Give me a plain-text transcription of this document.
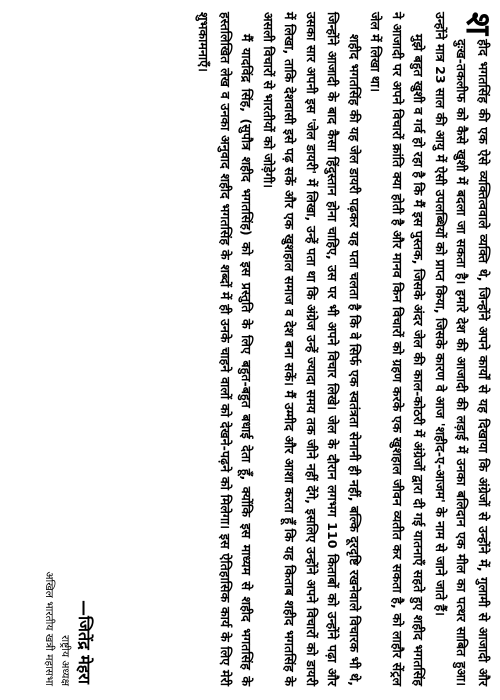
श
हीद भगतसिंह की एक ऐसे व्यक्तित्ववाले व्यक्ति थे, जिन्होंने अपने कार्यों से यह दिखाया कि अंग्रेजों से उन्होंने में, गुलामी से आजादी और दुःख-तकलीफ को कैसे खुशी में बदला जा सकता है। हमारे देश की आजादी की लड़ाई में उनका बलिदान एक मील का पत्थर साबित हुआ। उन्होंने मात्र 23 साल की आयु में ऐसी उपलब्धियों को प्राप्त किया, जिसके कारण वे आज 'शहीद-ए-आजम' के नाम से जाने जाते हैं।

मुझे बहुत खुशी व गर्व हो रहा है कि मैं इस पुस्तक, जिसके अंदर जेल की काल-कोठरी में अंग्रेजों द्वारा दी गई यातनाएँ सहते हुए शहीद भगतसिंह ने आजादी पर अपने विचारों क्रांति क्या होती है और मानव किन विचारों को ग्रहण करके एक खुशहाल जीवन व्यतीत कर सकता है, को लाहौर सेंट्रल जेल में लिखा था।

शहीद भगतसिंह की यह जेल डायरी पढ़कर यह पता चलता है कि वे सिर्फ एक स्वतंत्रता सेनानी ही नहीं, बल्कि दूरदृष्टि रखनेवाले विचारक भी थे, जिन्होंने आजादी के बाद कैसा हिंदुस्तान होना चाहिए, उस पर भी अपने विचार लिखे। जेल के दौरान लगभग 110 किताबों को उन्होंने पढ़ा और उसका सार अपनी इस 'जेल डायरी' में लिखा, उन्हें पता था कि अंग्रेज उन्हें ज्यादा समय तक जीने नहीं देंगे, इसलिए उन्होंने अपने विचारों को डायरी में लिखा, ताकि देशवासी इसे पढ़ सकें और एक खुशहाल समाज व देश बना सकें। मैं उम्मीद और आशा करता हूँ कि यह किताब शहीद भगतसिंह के असली विचारों से भारतीयों को जोड़ेगी।

मैं यादविंद्र सिंह, (सुपौत्र शहीद भगतसिंह) को इस प्रस्तुति के लिए बहुत-बहुत बधाई देता हूँ, क्योंकि इस माध्यम से शहीद भगतसिंह के हस्तलिखित लेख व उनका अनुवाद शहीद भगतसिंह के शब्दों में ही उनके चाहने वालों को देखने-पढ़ने को मिलेगा। इस ऐतिहासिक कार्य के लिए मेरी शुभकामनाएँ।

—जितेंद्र मेहरा
राष्ट्रीय अध्यक्ष
अखिल भारतीय खत्री महासभा
